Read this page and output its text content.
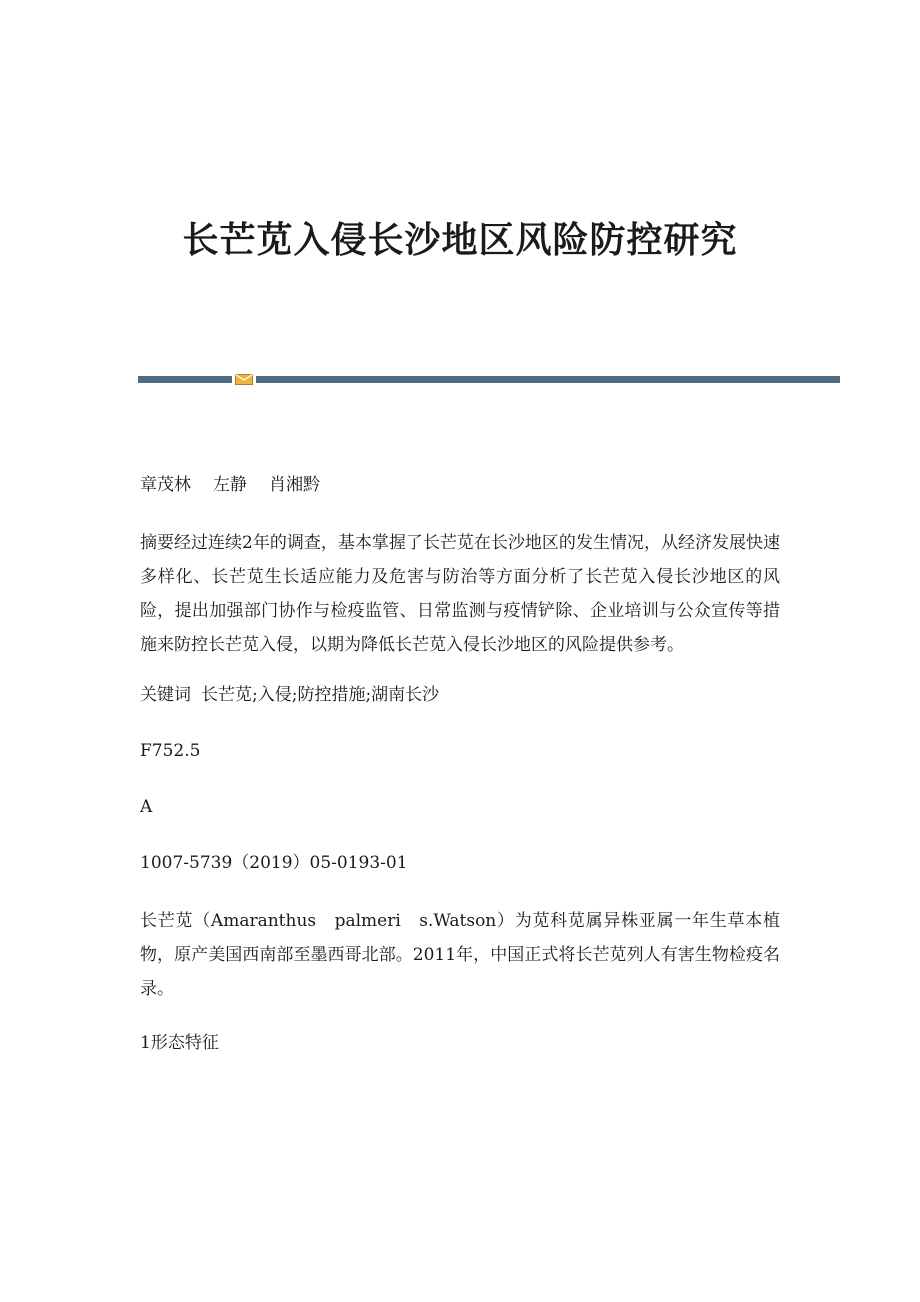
长芒苋入侵长沙地区风险防控研究

章茂林 左静 肖湘黔

摘要经过连续2年的调查，基本掌握了长芒苋在长沙地区的发生情况，从经济发展快速多样化、长芒苋生长适应能力及危害与防治等方面分析了长芒苋入侵长沙地区的风险，提出加强部门协作与检疫监管、日常监测与疫情铲除、企业培训与公众宣传等措施来防控长芒苋入侵，以期为降低长芒苋入侵长沙地区的风险提供参考。

关键词 长芒苋;入侵;防控措施;湖南长沙

F752.5

A

1007-5739（2019）05-0193-01

长芒苋（Amaranthus　palmeri　s.Watson）为苋科苋属异株亚属一年生草本植物，原产美国西南部至墨西哥北部。2011年，中国正式将长芒苋列人有害生物检疫名录。

1形态特征
